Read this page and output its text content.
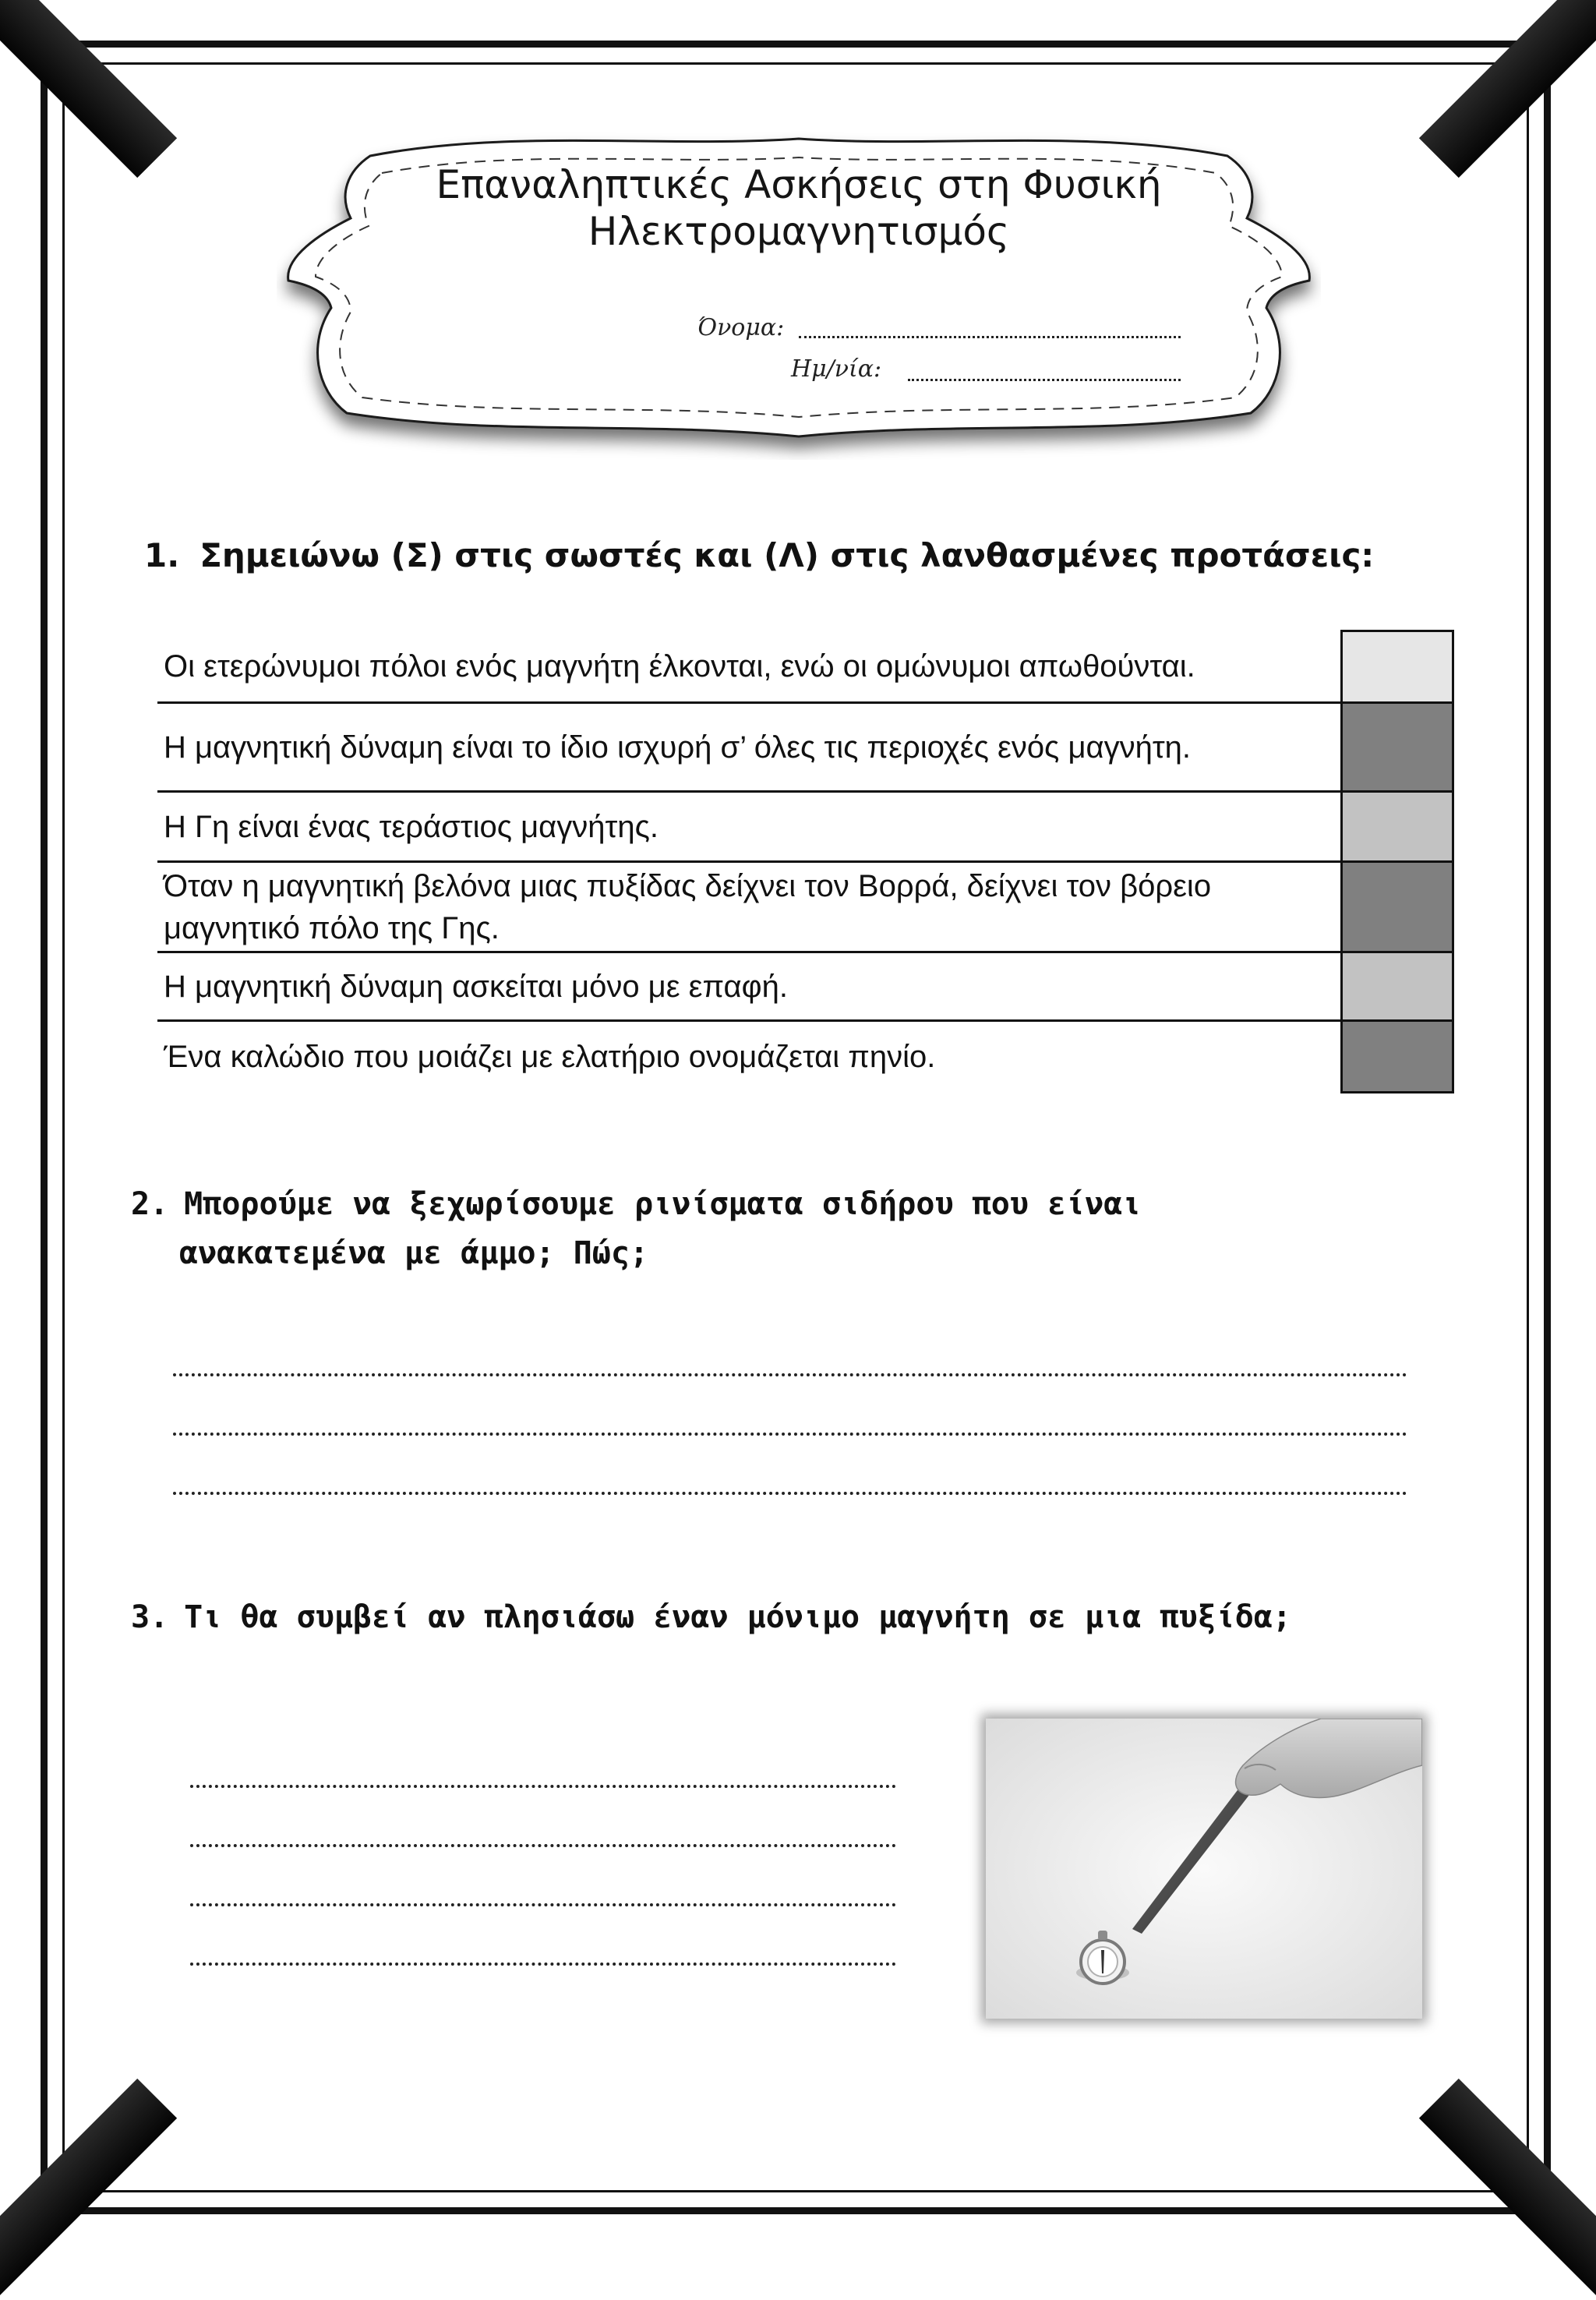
Επαναληπτικές Ασκήσεις στη Φυσική
Ηλεκτρομαγνητισμός
Όνομα:
Ημ/νία:
1. Σημειώνω (Σ) στις σωστές και (Λ) στις λανθασμένες προτάσεις:
Οι ετερώνυμοι πόλοι ενός μαγνήτη έλκονται, ενώ οι ομώνυμοι απωθούνται.	
Η μαγνητική δύναμη είναι το ίδιο ισχυρή σ’ όλες τις περιοχές ενός μαγνήτη.	
Η Γη είναι ένας τεράστιος μαγνήτης.	
Όταν η μαγνητική βελόνα μιας πυξίδας δείχνει τον Βορρά, δείχνει τον βόρειο μαγνητικό πόλο της Γης.	
Η μαγνητική δύναμη ασκείται μόνο με επαφή.	
Ένα καλώδιο που μοιάζει με ελατήριο ονομάζεται πηνίο.	
2. Μπορούμε να ξεχωρίσουμε ρινίσματα σιδήρου που είναι
ανακατεμένα με άμμο; Πώς;
3. Τι θα συμβεί αν πλησιάσω έναν μόνιμο μαγνήτη σε μια πυξίδα;
